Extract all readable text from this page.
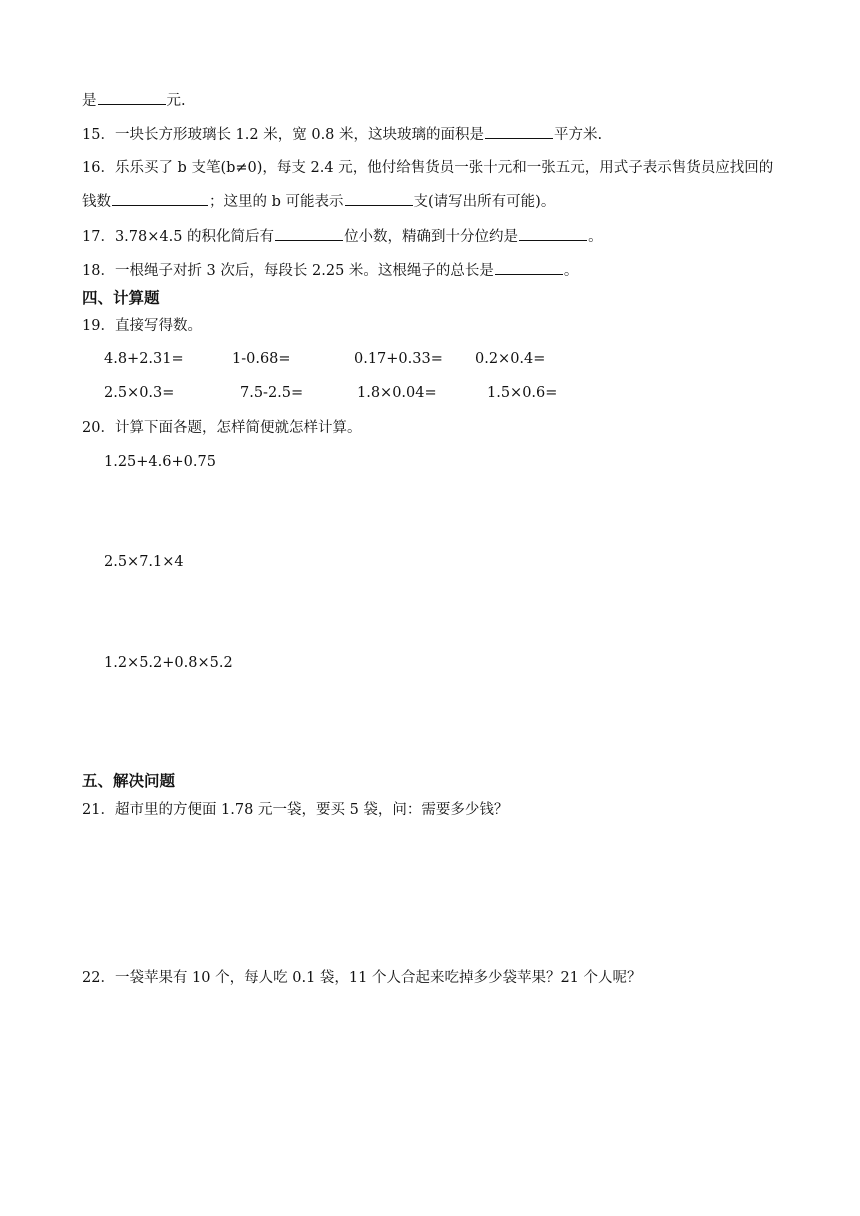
是	元.
15．一块长方形玻璃长 1.2 米，宽 0.8 米，这块玻璃的面积是	平方米.
16．乐乐买了 b 支笔(b≠0)，每支 2.4 元，他付给售货员一张十元和一张五元，用式子表示售货员应找回的
钱数	；这里的 b 可能表示	支(请写出所有可能)。
17．3.78×4.5 的积化简后有	位小数，精确到十分位约是	。
18．一根绳子对折 3 次后，每段长 2.25 米。这根绳子的总长是	。
四、计算题
19．直接写得数。
4.8+2.31=	1-0.68=	0.17+0.33= 0.2×0.4=
2.5×0.3=	7.5-2.5=	1.8×0.04=	1.5×0.6=
20．计算下面各题，怎样简便就怎样计算。
1.25+4.6+0.75
2.5×7.1×4
1.2×5.2+0.8×5.2
五、解决问题
21．超市里的方便面 1.78 元一袋，要买 5 袋，问：需要多少钱？
22．一袋苹果有 10 个，每人吃 0.1 袋，11 个人合起来吃掉多少袋苹果？21 个人呢？
